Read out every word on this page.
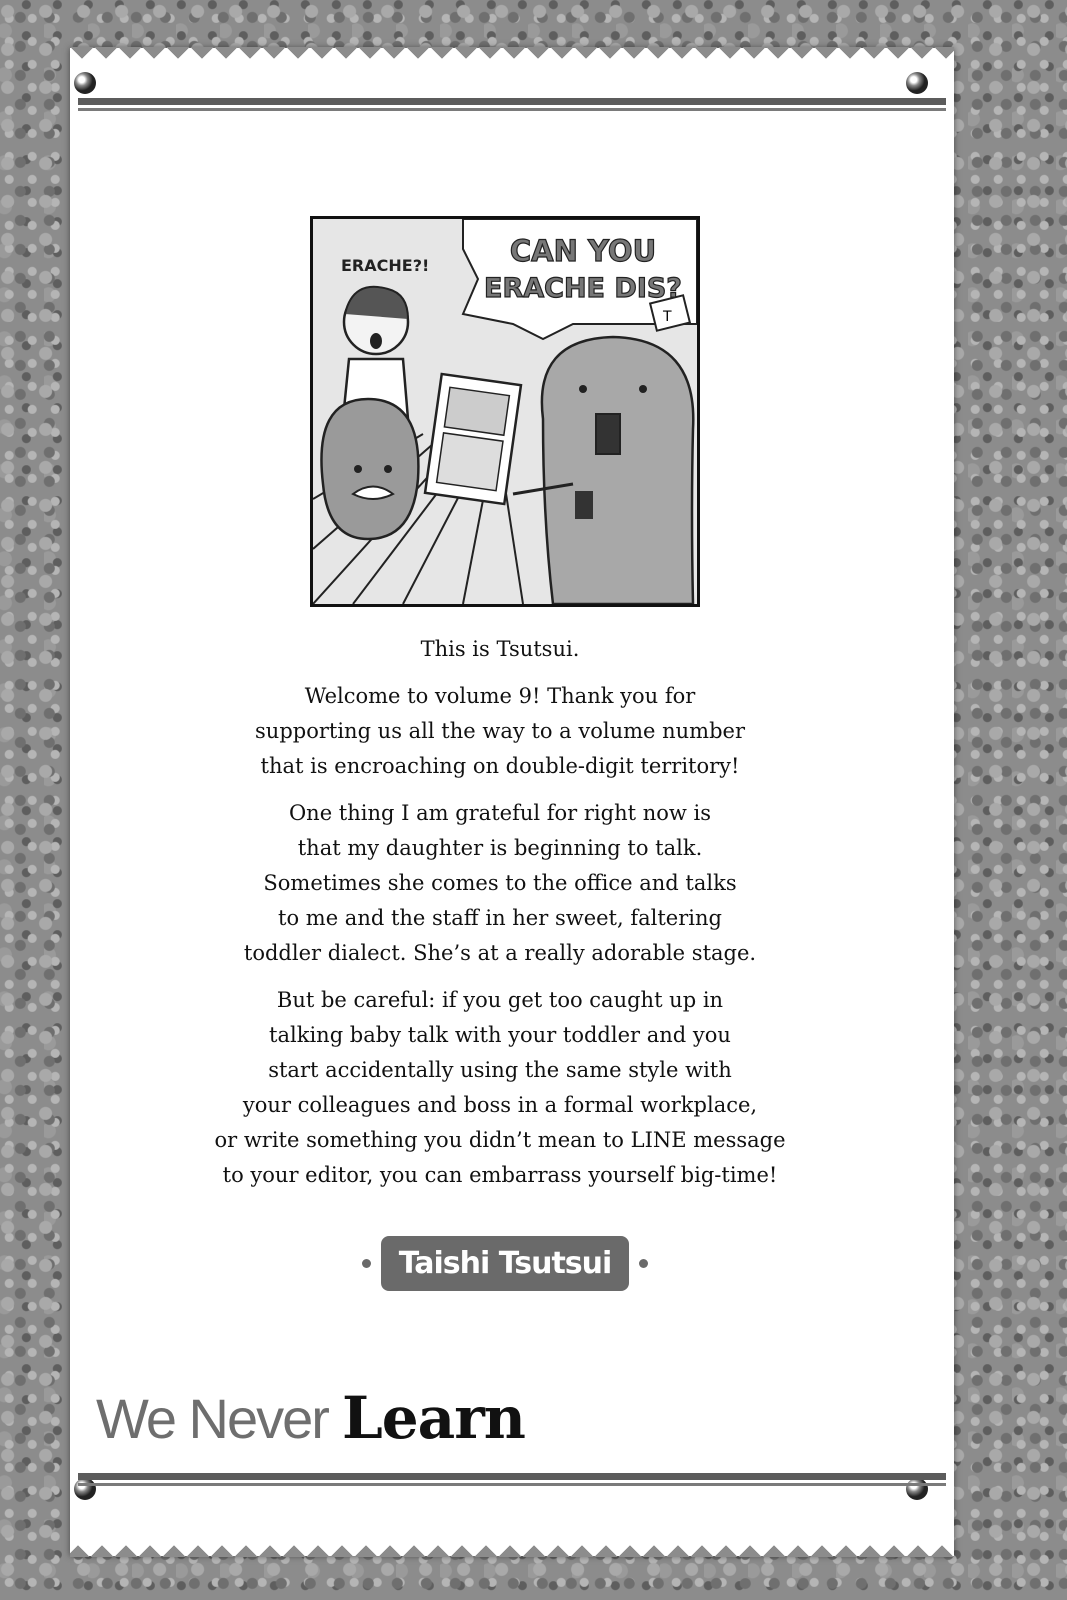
T
ERACHE?!	CAN YOU
ERACHE DIS?

This is Tsutsui.

Welcome to volume 9! Thank you for
supporting us all the way to a volume number
that is encroaching on double-digit territory!

One thing I am grateful for right now is
that my daughter is beginning to talk.
Sometimes she comes to the office and talks
to me and the staff in her sweet, faltering
toddler dialect. She’s at a really adorable stage.

But be careful: if you get too caught up in
talking baby talk with your toddler and you
start accidentally using the same style with
your colleagues and boss in a formal workplace,
or write something you didn’t mean to LINE message
to your editor, you can embarrass yourself big-time!

Taishi Tsutsui
We Never Learn
